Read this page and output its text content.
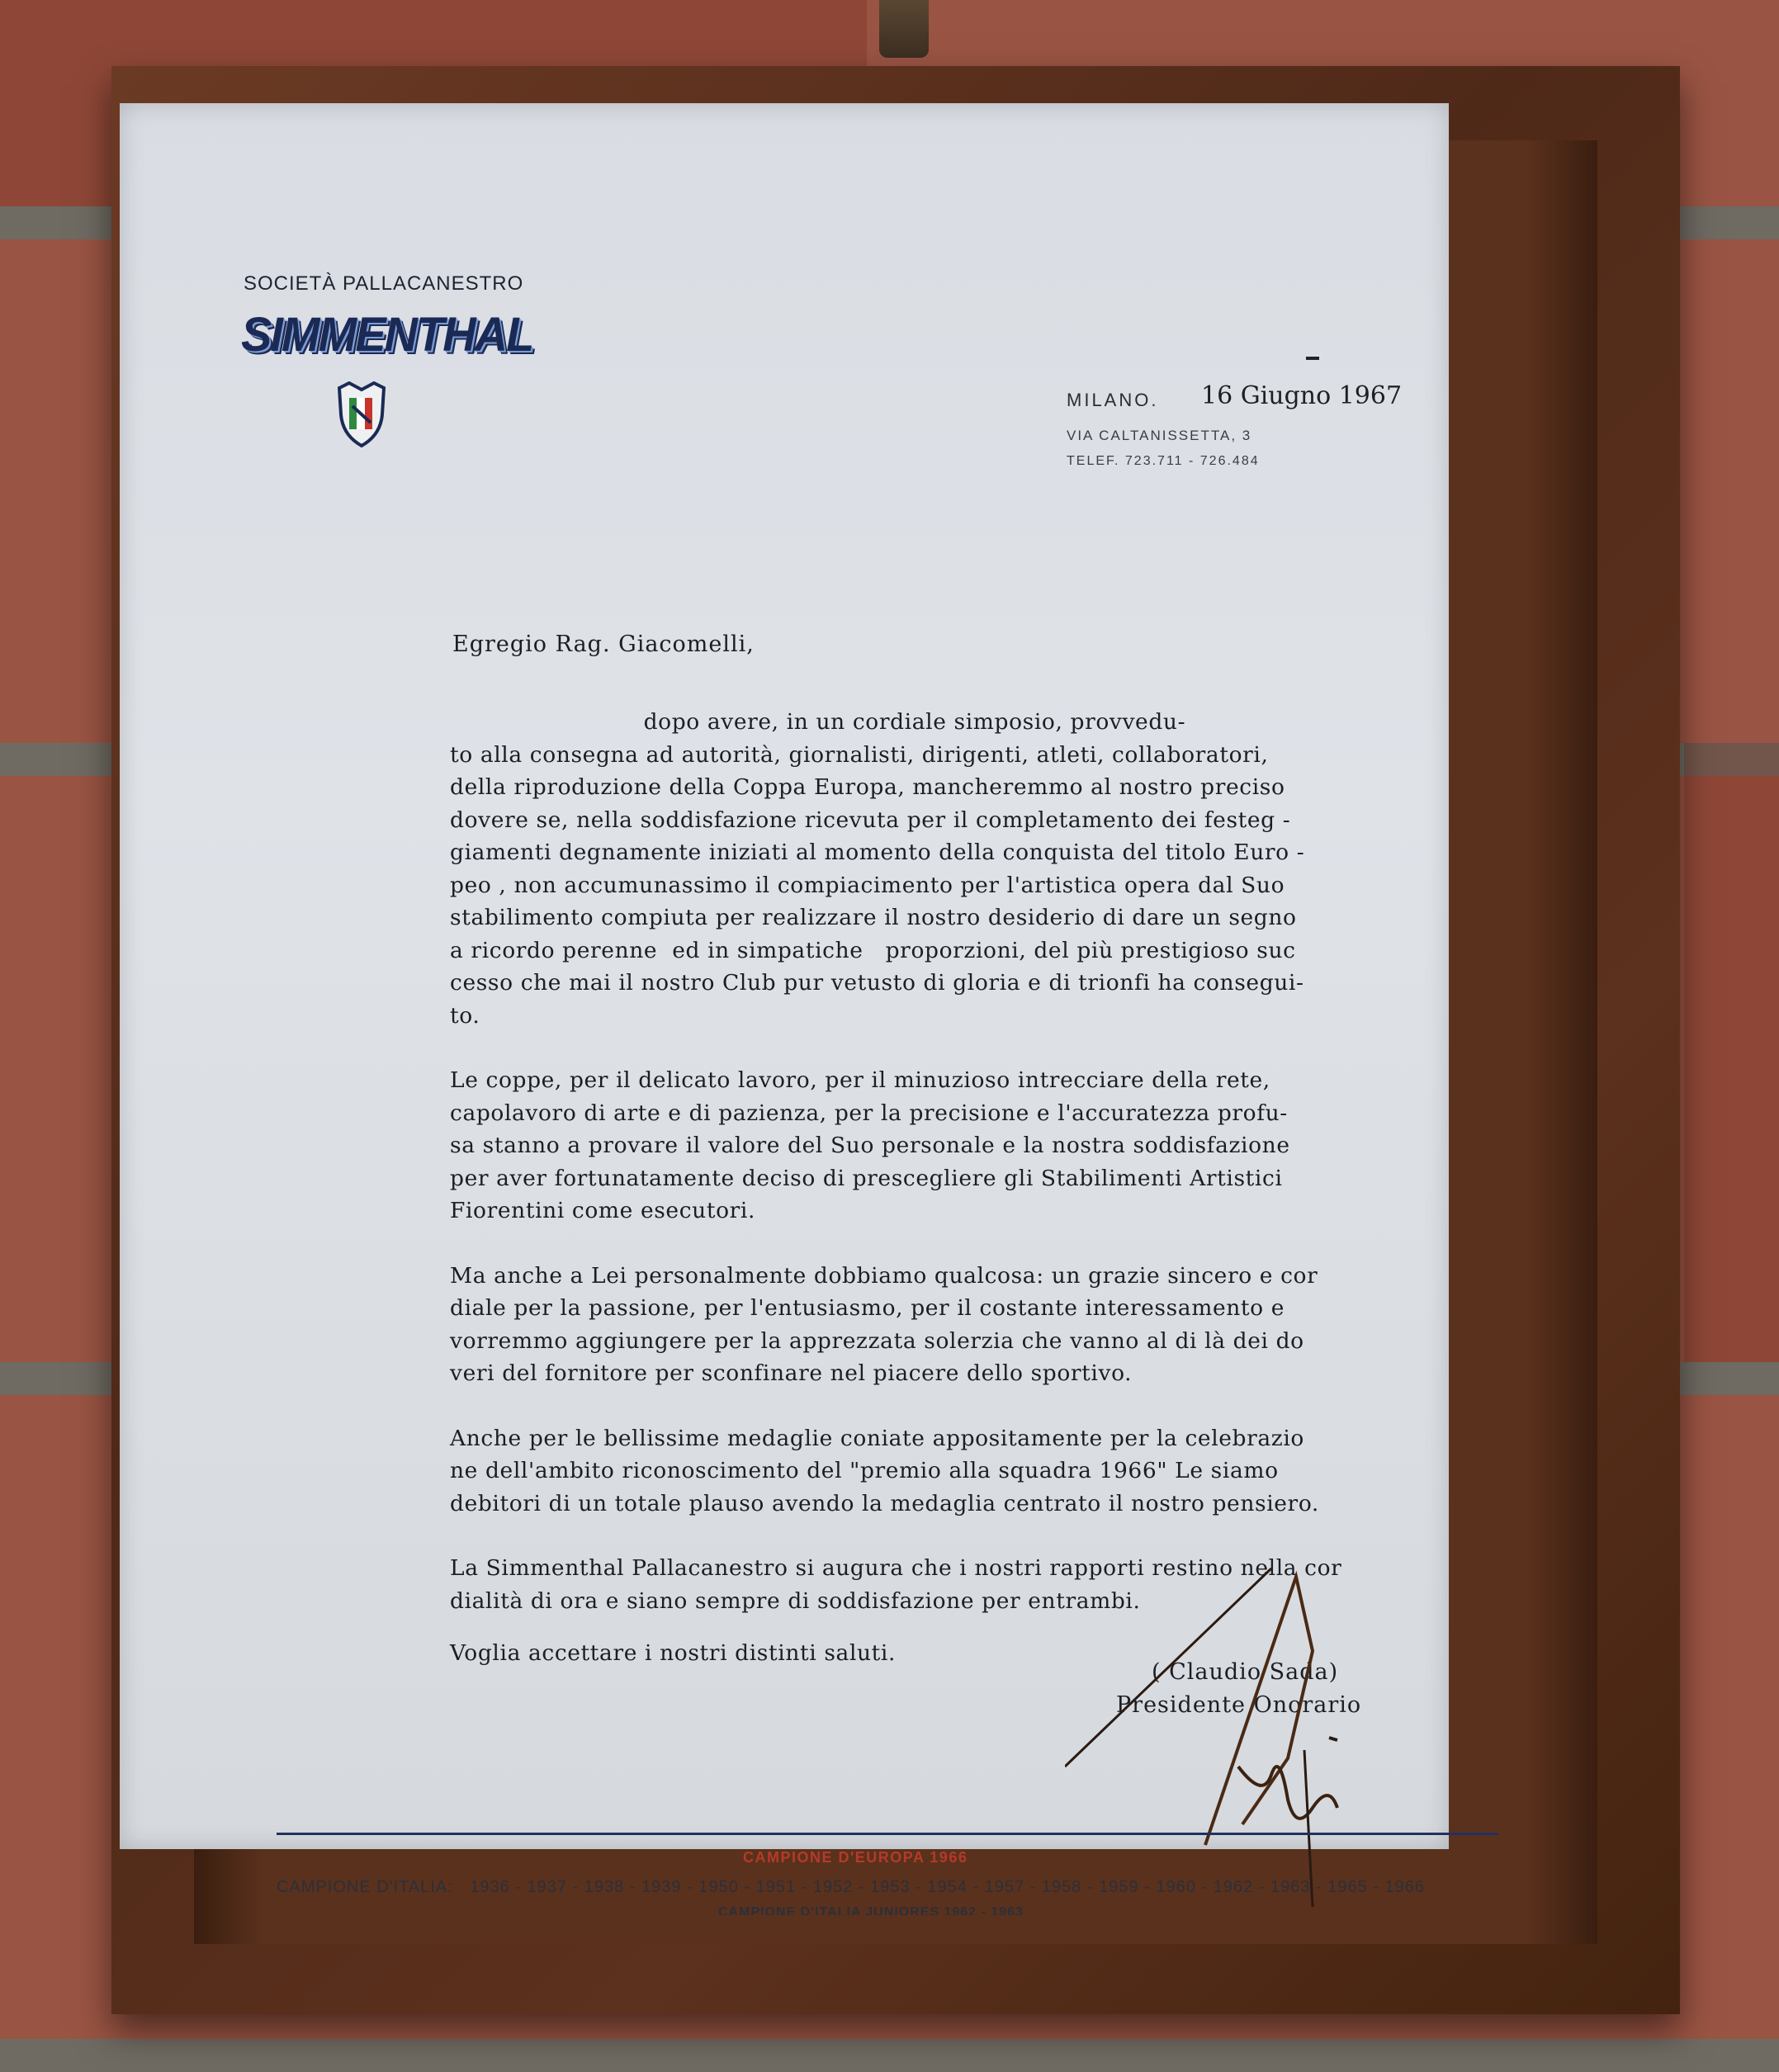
SOCIETÀ PALLACANESTRO
SIMMENTHAL
MILANO. 16 Giugno 1967
VIA CALTANISSETTA, 3
TELEF. 723.711 - 726.484
Egregio Rag. Giacomelli,
dopo avere, in un cordiale simposio, provvedu-
to alla consegna ad autorità, giornalisti, dirigenti, atleti, collaboratori,
della riproduzione della Coppa Europa, mancheremmo al nostro preciso
dovere se, nella soddisfazione ricevuta per il completamento dei festeg -
giamenti degnamente iniziati al momento della conquista del titolo Euro -
peo , non accumunassimo il compiacimento per l'artistica opera dal Suo
stabilimento compiuta per realizzare il nostro desiderio di dare un segno
a ricordo perenne  ed in simpatiche   proporzioni, del più prestigioso suc
cesso che mai il nostro Club pur vetusto di gloria e di trionfi ha consegui-
to.
Le coppe, per il delicato lavoro, per il minuzioso intrecciare della rete,
capolavoro di arte e di pazienza, per la precisione e l'accuratezza profu-
sa stanno a provare il valore del Suo personale e la nostra soddisfazione
per aver fortunatamente deciso di prescegliere gli Stabilimenti Artistici
Fiorentini come esecutori.
Ma anche a Lei personalmente dobbiamo qualcosa: un grazie sincero e cor
diale per la passione, per l'entusiasmo, per il costante interessamento e
vorremmo aggiungere per la apprezzata solerzia che vanno al di là dei do
veri del fornitore per sconfinare nel piacere dello sportivo.
Anche per le bellissime medaglie coniate appositamente per la celebrazio
ne dell'ambito riconoscimento del "premio alla squadra 1966" Le siamo
debitori di un totale plauso avendo la medaglia centrato il nostro pensiero.
La Simmenthal Pallacanestro si augura che i nostri rapporti restino nella cor
dialità di ora e siano sempre di soddisfazione per entrambi.
Voglia accettare i nostri distinti saluti.
( Claudio Sada)
Presidente Onorario
CAMPIONE D'EUROPA 1966
CAMPIONE D'ITALIA: 1936 - 1937 - 1938 - 1939 - 1950 - 1951 - 1952 - 1953 - 1954 - 1957 - 1958 - 1959 - 1960 - 1962 - 1963 - 1965 - 1966
CAMPIONE D'ITALIA JUNIORES 1962 - 1963
